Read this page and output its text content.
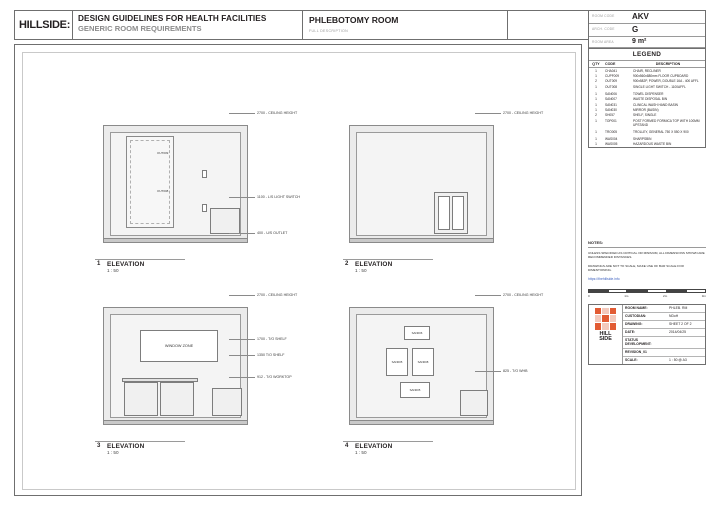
HILLSIDE:
DESIGN GUIDELINES FOR HEALTH FACILITIES
GENERIC ROOM REQUIREMENTS
PHLEBOTOMY ROOM
FULL DESCRIPTION
OUT009
OUT008
2700 - CEILING HEIGHT
1100 - L/S LIGHT SWITCH
400 - U/S OUTLET
1 ELEVATION
1 : 50
2700 - CEILING HEIGHT
2 ELEVATION
1 : 50
WINDOW ZONE
2700 - CEILING HEIGHT
1700 - T/O SHELF
1350 T/O SHELF
912 - T/O WORKTOP
3 ELEVATION
1 : 50
SAN006
SAN005	SAN008
SAN005
2700 - CEILING HEIGHT
825 - T/O WHB
4 ELEVATION
1 : 50
ROOM CODE	AKV
ARCH. CODE	G
ROOM AREA	9 m²
LEGEND
QTY	CODE	DESCRIPTION
1	CHA041	CHAIR, RECLINER
1	CUPF009	900x560x880mm FLOOR CUPBOARD
2	OUT009	900x582P, POWER, DOUBLE 16A - 400 AFFL
1	OUT008	SINGLE LIGHT SWITCH - 1100AFFL
1	SAN006	TOWEL DISPENSER
1	SAN007	WASTE DISPOSAL BIN
1	SAN031	CLINICAL WASH HAND BASIN
1	SAN030	MIRROR (BASIN)
2	SH057	SHELF, SINGLE
1	TOP001	POST FORMED FORMICA TOP WITH 100MM UPSTAND
1	TRO005	TROLLEY, GENERAL 750 X 550 X 900
1	WAS004	SHARPSBIN
1	WAS005	HAZARDOUS WASTE BIN
NOTES:
UNLESS SPECIFIED AS CRITICAL OR MINIMUM, ALL DIMENSIONS SHOWN ARE RECOMMENDED DISTANCES.
DRAWINGS ARE NOT TO SCALE, MAKE USE OF BAR SCALE FOR DIMENTIONING.
https://thehillside.info
0	1m	2m	3m
HILL
SIDE
ROOM NAME:	PHLEB. RM
CUSTODIAN:	NDoH
DRAWING:	SHEET 2 OF 2
DATE:	2014/04/25
STATUS DEVELOPMENT:
REVISION_01
SCALE:	1 : 50 @ A3
